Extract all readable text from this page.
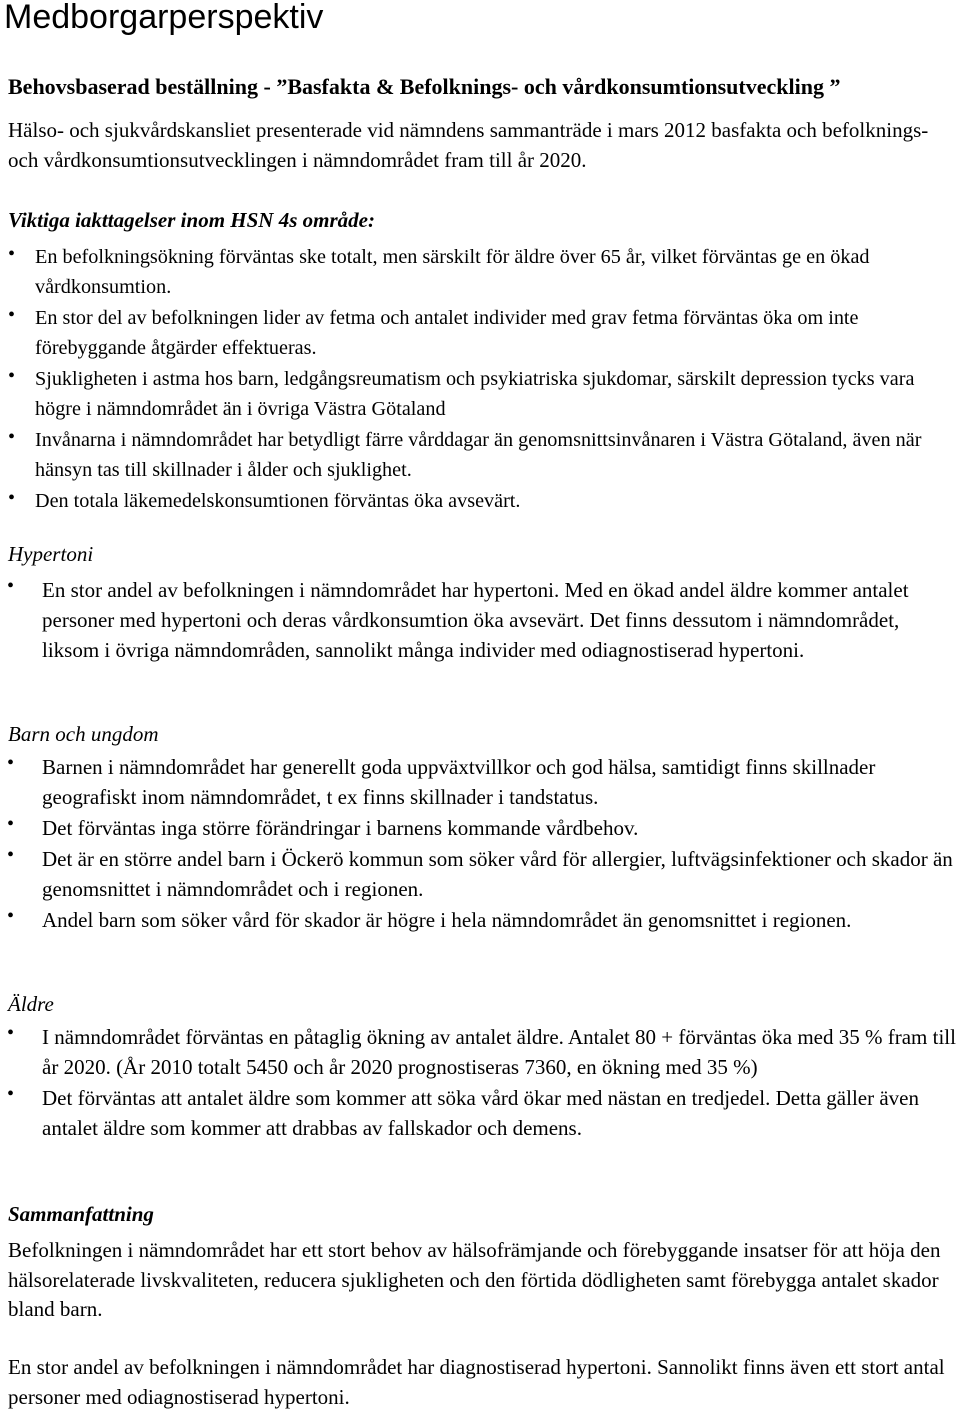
Medborgarperspektiv
Behovsbaserad beställning - ”Basfakta & Befolknings- och vårdkonsumtionsutveckling ”

Hälso- och sjukvårdskansliet presenterade vid nämndens sammanträde i mars 2012 basfakta och befolknings- och vårdkonsumtionsutvecklingen i nämndområdet fram till år 2020.

Viktiga iakttagelser inom HSN 4s område:
• En befolkningsökning förväntas ske totalt, men särskilt för äldre över 65 år, vilket förväntas ge en ökad vårdkonsumtion.
• En stor del av befolkningen lider av fetma och antalet individer med grav fetma förväntas öka om inte förebyggande åtgärder effektueras.
• Sjukligheten i astma hos barn, ledgångsreumatism och psykiatriska sjukdomar, särskilt depression tycks vara högre i nämndområdet än i övriga Västra Götaland
• Invånarna i nämndområdet har betydligt färre vårddagar än genomsnittsinvånaren i Västra Götaland, även när hänsyn tas till skillnader i ålder och sjuklighet.
• Den totala läkemedelskonsumtionen förväntas öka avsevärt.
Hypertoni
• En stor andel av befolkningen i nämndområdet har hypertoni. Med en ökad andel äldre kommer antalet personer med hypertoni och deras vårdkonsumtion öka avsevärt. Det finns dessutom i nämndområdet, liksom i övriga nämndområden, sannolikt många individer med odiagnostiserad hypertoni.
Barn och ungdom
• Barnen i nämndområdet har generellt goda uppväxtvillkor och god hälsa, samtidigt finns skillnader geografiskt inom nämndområdet, t ex finns skillnader i tandstatus.
• Det förväntas inga större förändringar i barnens kommande vårdbehov.
• Det är en större andel barn i Öckerö kommun som söker vård för allergier, luftvägsinfektioner och skador än genomsnittet i nämndområdet och i regionen.
• Andel barn som söker vård för skador är högre i hela nämndområdet än genomsnittet i regionen.
Äldre
• I nämndområdet förväntas en påtaglig ökning av antalet äldre. Antalet 80 + förväntas öka med 35 % fram till år 2020. (År 2010 totalt 5450 och år 2020 prognostiseras 7360, en ökning med 35 %)
• Det förväntas att antalet äldre som kommer att söka vård ökar med nästan en tredjedel. Detta gäller även antalet äldre som kommer att drabbas av fallskador och demens.
Sammanfattning

Befolkningen i nämndområdet har ett stort behov av hälsofrämjande och förebyggande insatser för att höja den hälsorelaterade livskvaliteten, reducera sjukligheten och den förtida dödligheten samt förebygga antalet skador bland barn.

En stor andel av befolkningen i nämndområdet har diagnostiserad hypertoni. Sannolikt finns även ett stort antal personer med odiagnostiserad hypertoni.
